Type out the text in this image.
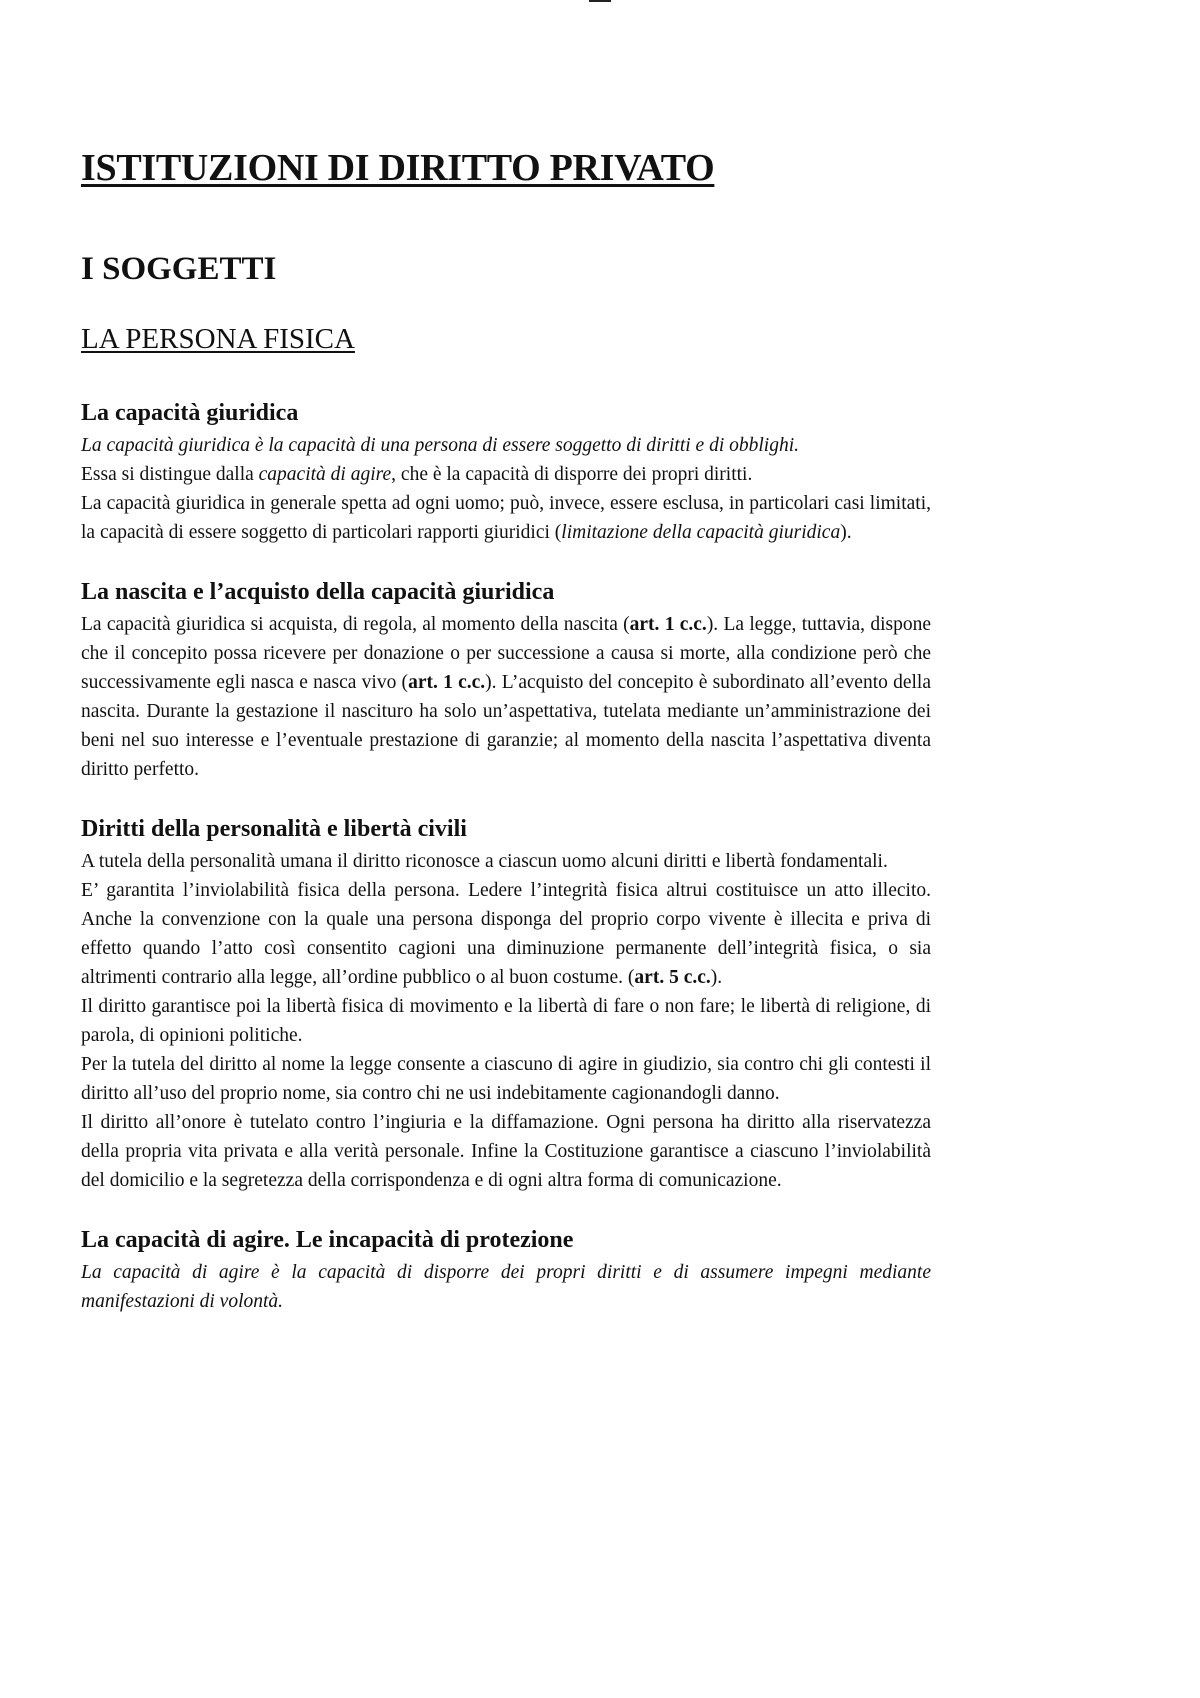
ISTITUZIONI DI DIRITTO PRIVATO
I SOGGETTI
LA PERSONA FISICA
La capacità giuridica

La capacità giuridica è la capacità di una persona di essere soggetto di diritti e di obblighi.

Essa si distingue dalla capacità di agire, che è la capacità di disporre dei propri diritti.

La capacità giuridica in generale spetta ad ogni uomo; può, invece, essere esclusa, in particolari casi limitati, la capacità di essere soggetto di particolari rapporti giuridici (limitazione della capacità giuridica).

La nascita e l’acquisto della capacità giuridica

La capacità giuridica si acquista, di regola, al momento della nascita (art. 1 c.c.). La legge, tuttavia, dispone che il concepito possa ricevere per donazione o per successione a causa si morte, alla condizione però che successivamente egli nasca e nasca vivo (art. 1 c.c.). L’acquisto del concepito è subordinato all’evento della nascita. Durante la gestazione il nascituro ha solo un’aspettativa, tutelata mediante un’amministrazione dei beni nel suo interesse e l’eventuale prestazione di garanzie; al momento della nascita l’aspettativa diventa diritto perfetto.

Diritti della personalità e libertà civili

A tutela della personalità umana il diritto riconosce a ciascun uomo alcuni diritti e libertà fondamentali.

E’ garantita l’inviolabilità fisica della persona. Ledere l’integrità fisica altrui costituisce un atto illecito. Anche la convenzione con la quale una persona disponga del proprio corpo vivente è illecita e priva di effetto quando l’atto così consentito cagioni una diminuzione permanente dell’integrità fisica, o sia altrimenti contrario alla legge, all’ordine pubblico o al buon costume. (art. 5 c.c.).

Il diritto garantisce poi la libertà fisica di movimento e la libertà di fare o non fare; le libertà di religione, di parola, di opinioni politiche.

Per la tutela del diritto al nome la legge consente a ciascuno di agire in giudizio, sia contro chi gli contesti il diritto all’uso del proprio nome, sia contro chi ne usi indebitamente cagionandogli danno.

Il diritto all’onore è tutelato contro l’ingiuria e la diffamazione. Ogni persona ha diritto alla riservatezza della propria vita privata e alla verità personale. Infine la Costituzione garantisce a ciascuno l’inviolabilità del domicilio e la segretezza della corrispondenza e di ogni altra forma di comunicazione.

La capacità di agire. Le incapacità di protezione

La capacità di agire è la capacità di disporre dei propri diritti e di assumere impegni mediante manifestazioni di volontà.
